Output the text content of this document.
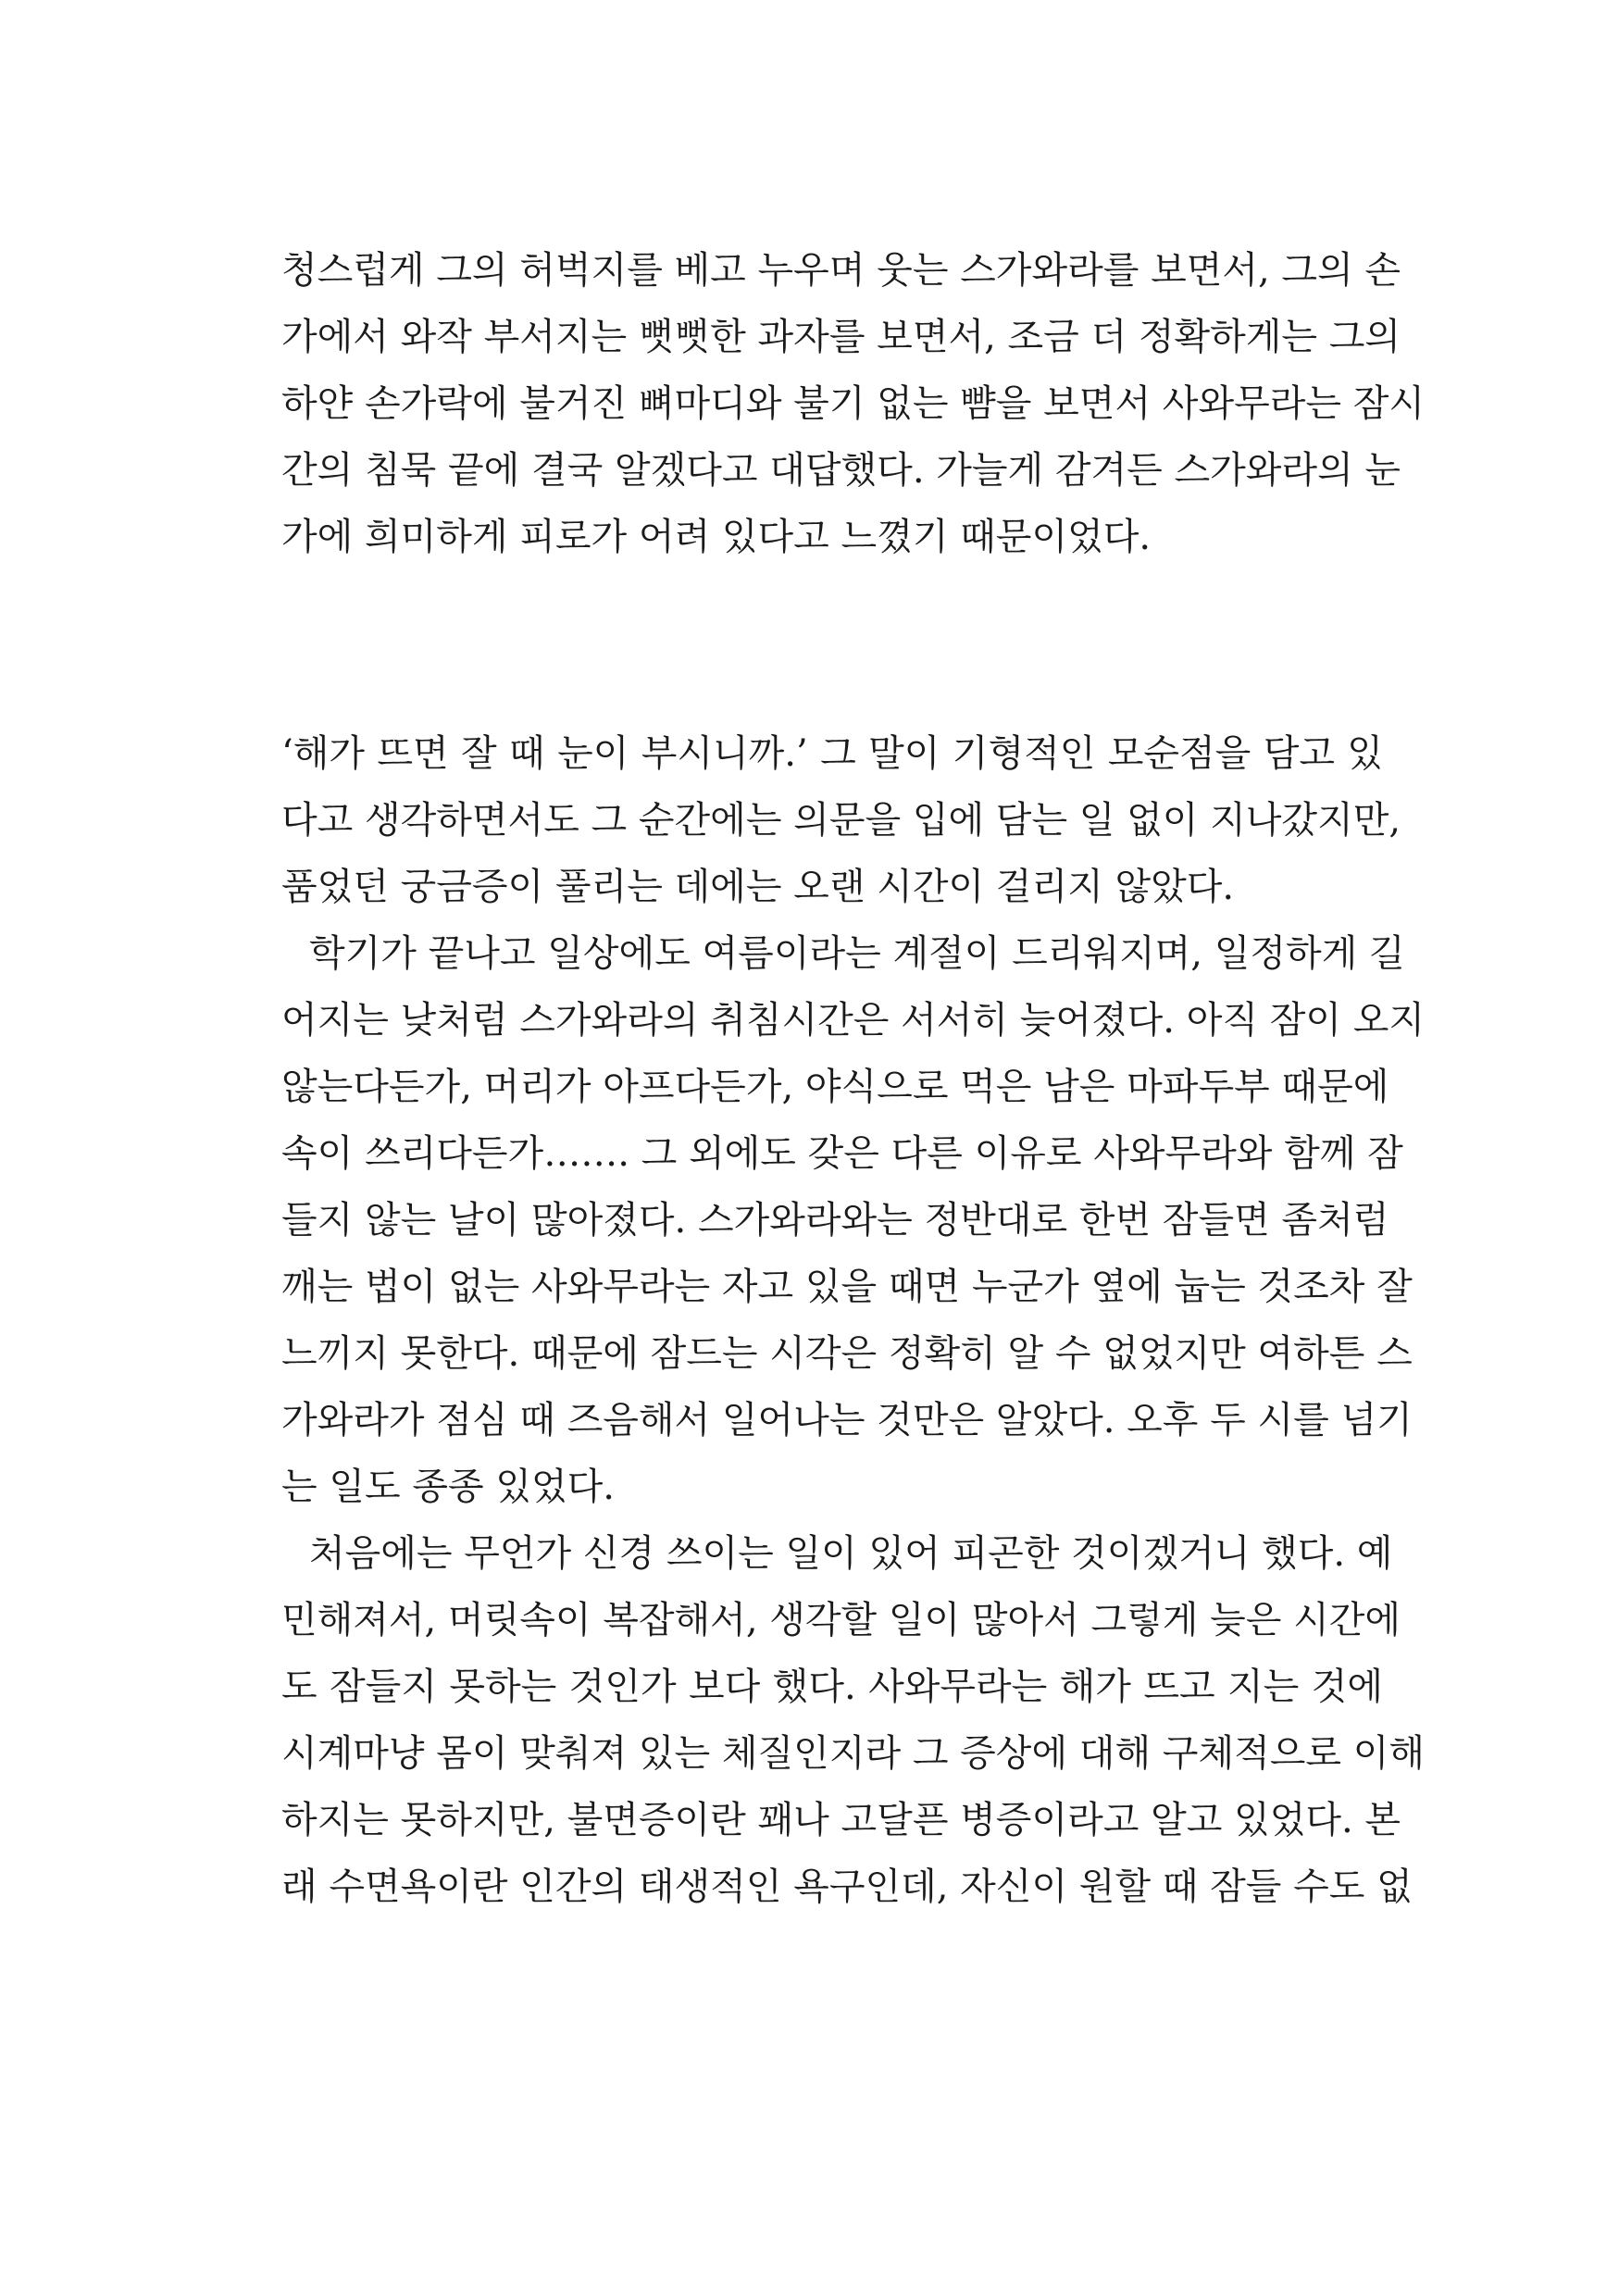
청스럽게 그의 허벅지를 베고 누우며 웃는 스가와라를 보면서, 그의 손
가에서 와작 부서지는 뻣뻣한 과자를 보면서, 조금 더 정확하게는 그의
하얀 손가락에 불거진 뼈마디와 불기 없는 뺨을 보면서 사와무라는 잠시
간의 침묵 끝에 결국 알겠다고 대답했다. 가늘게 감겨든 스가와라의 눈
가에 희미하게 피로가 어려 있다고 느꼈기 때문이었다.
‘해가 뜨면 잘 때 눈이 부시니까.’ 그 말이 기형적인 모순점을 담고 있
다고 생각하면서도 그 순간에는 의문을 입에 담는 일 없이 지나갔지만,
품었던 궁금증이 풀리는 데에는 오랜 시간이 걸리지 않았다.
학기가 끝나고 일상에도 여름이라는 계절이 드리워지며, 일정하게 길
어지는 낮처럼 스가와라의 취침시간은 서서히 늦어졌다. 아직 잠이 오지
않는다든가, 머리가 아프다든가, 야식으로 먹은 남은 마파두부 때문에
속이 쓰리다든가……. 그 외에도 갖은 다른 이유로 사와무라와 함께 잠
들지 않는 날이 많아졌다. 스가와라와는 정반대로 한번 잠들면 좀처럼
깨는 법이 없는 사와무라는 자고 있을 때면 누군가 옆에 눕는 것조차 잘
느끼지 못한다. 때문에 잠드는 시각은 정확히 알 수 없었지만 여하튼 스
가와라가 점심 때 즈음해서 일어나는 것만은 알았다. 오후 두 시를 넘기
는 일도 종종 있었다.
처음에는 무언가 신경 쓰이는 일이 있어 피곤한 것이겠거니 했다. 예
민해져서, 머릿속이 복잡해서, 생각할 일이 많아서 그렇게 늦은 시간에
도 잠들지 못하는 것인가 보다 했다. 사와무라는 해가 뜨고 지는 것에
시계마냥 몸이 맞춰져 있는 체질인지라 그 증상에 대해 구체적으로 이해
하지는 못하지만, 불면증이란 꽤나 고달픈 병증이라고 알고 있었다. 본
래 수면욕이란 인간의 태생적인 욕구인데, 자신이 원할 때 잠들 수도 없
